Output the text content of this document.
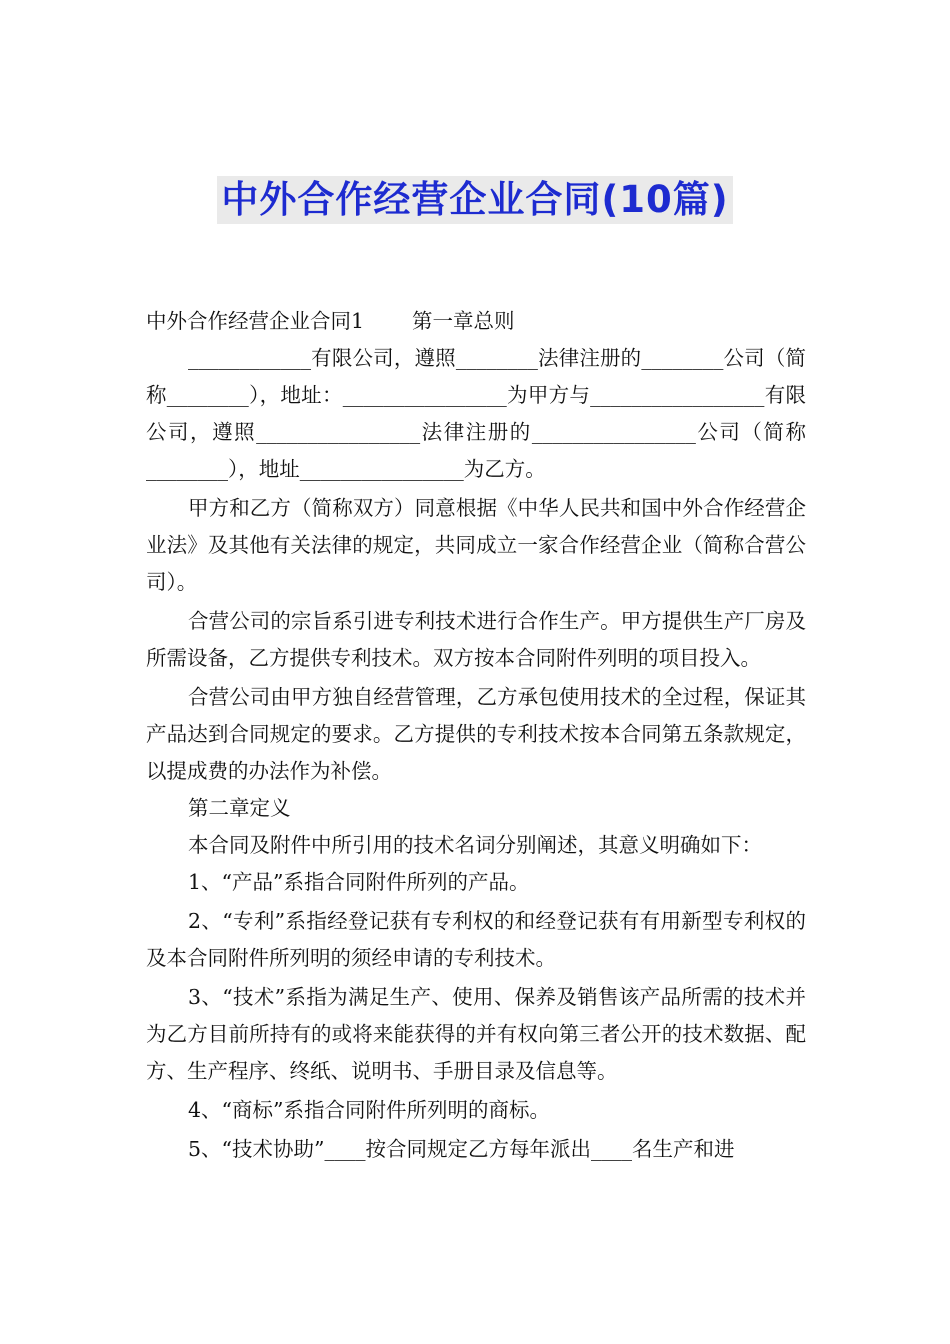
中外合作经营企业合同(10篇)

中外合作经营企业合同1 第一章总则

____________有限公司，遵照________法律注册的________公司（简称________），地址：________________为甲方与_________________有限公司，遵照________________法律注册的________________公司（简称________），地址________________为乙方。

甲方和乙方（简称双方）同意根据《中华人民共和国中外合作经营企业法》及其他有关法律的规定，共同成立一家合作经营企业（简称合营公司）。

合营公司的宗旨系引进专利技术进行合作生产。甲方提供生产厂房及所需设备，乙方提供专利技术。双方按本合同附件列明的项目投入。

合营公司由甲方独自经营管理，乙方承包使用技术的全过程，保证其产品达到合同规定的要求。乙方提供的专利技术按本合同第五条款规定，以提成费的办法作为补偿。

第二章定义

本合同及附件中所引用的技术名词分别阐述，其意义明确如下：

1、“产品”系指合同附件所列的产品。

2、“专利”系指经登记获有专利权的和经登记获有有用新型专利权的及本合同附件所列明的须经申请的专利技术。

3、“技术”系指为满足生产、使用、保养及销售该产品所需的技术并为乙方目前所持有的或将来能获得的并有权向第三者公开的技术数据、配方、生产程序、终纸、说明书、手册目录及信息等。

4、“商标”系指合同附件所列明的商标。

5、“技术协助”____按合同规定乙方每年派出____名生产和进
